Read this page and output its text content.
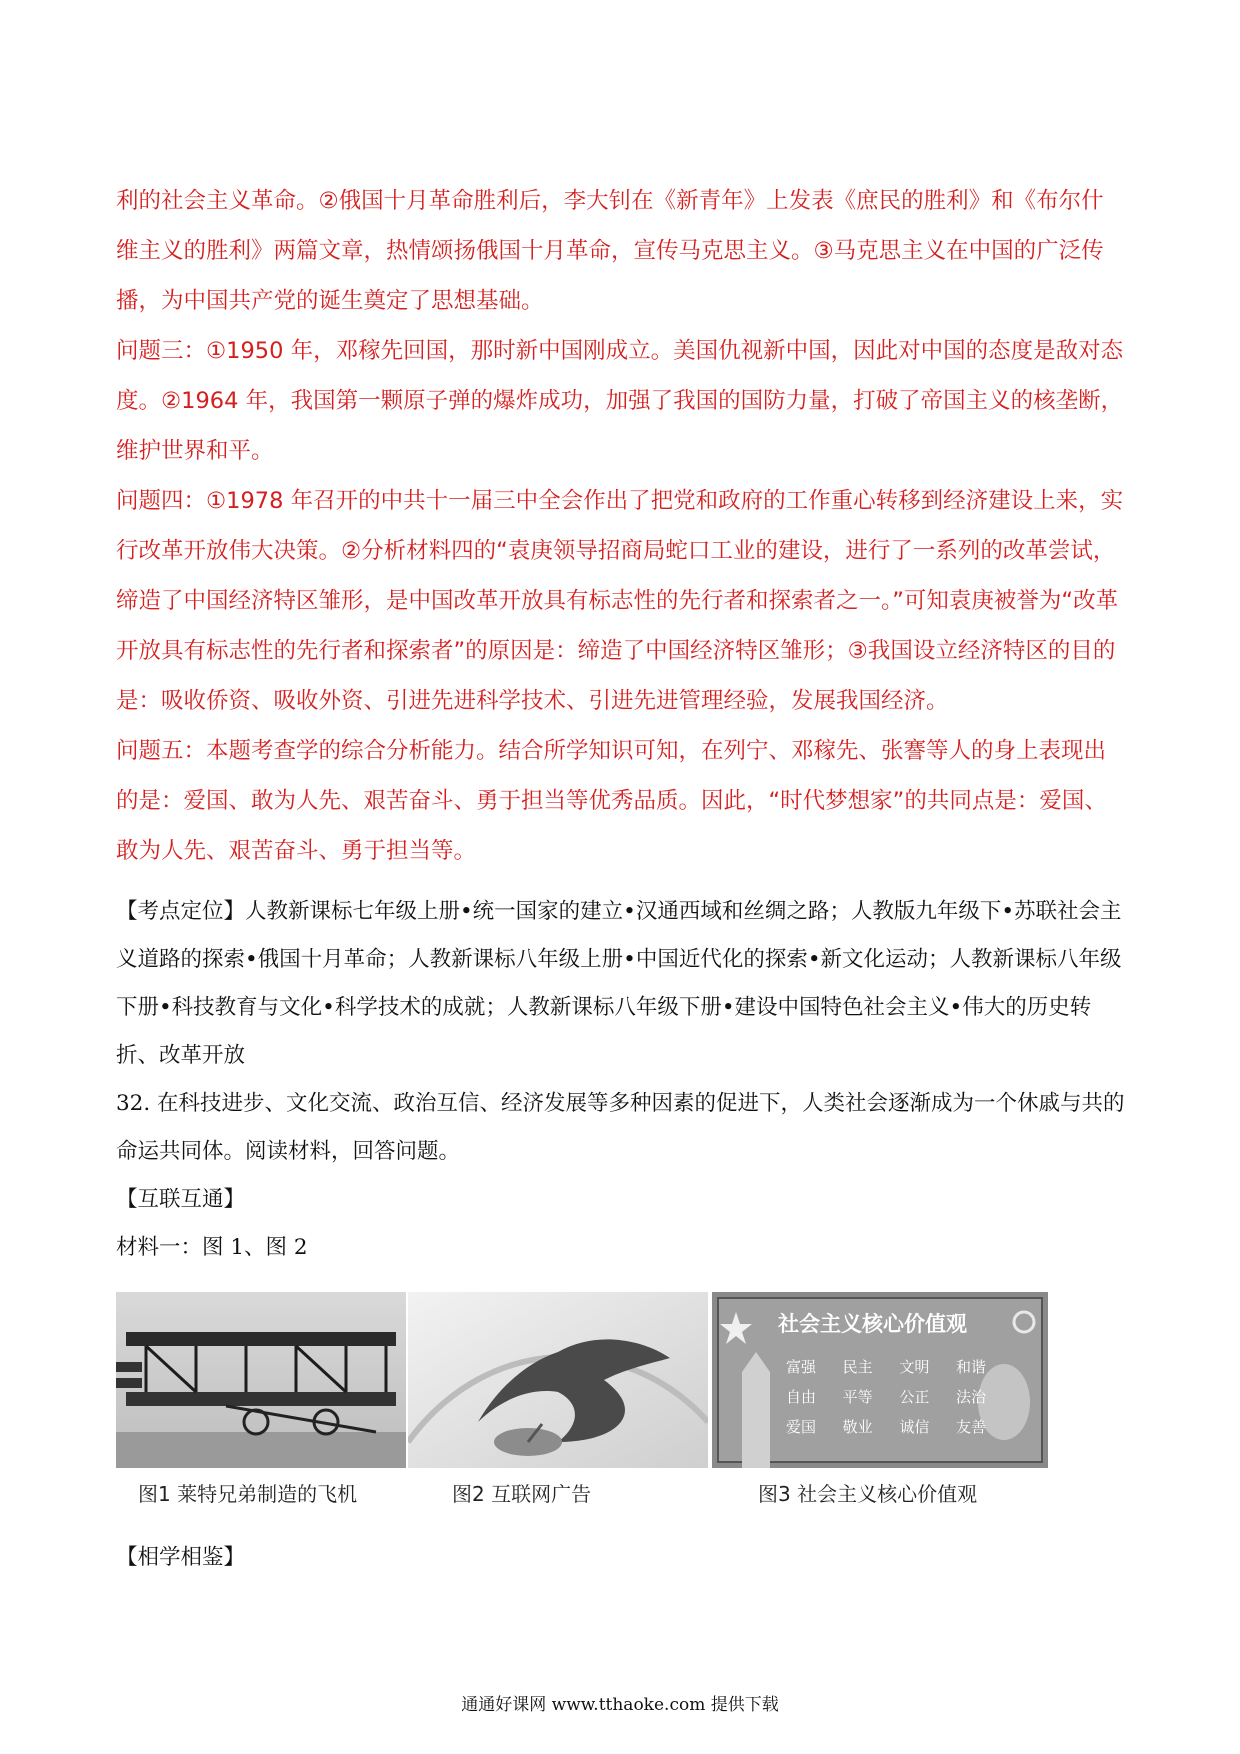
利的社会主义革命。②俄国十月革命胜利后，李大钊在《新青年》上发表《庶民的胜利》和《布尔什维主义的胜利》两篇文章，热情颂扬俄国十月革命，宣传马克思主义。③马克思主义在中国的广泛传播，为中国共产党的诞生奠定了思想基础。

问题三：①1950 年，邓稼先回国，那时新中国刚成立。美国仇视新中国，因此对中国的态度是敌对态度。②1964 年，我国第一颗原子弹的爆炸成功，加强了我国的国防力量，打破了帝国主义的核垄断，维护世界和平。

问题四：①1978 年召开的中共十一届三中全会作出了把党和政府的工作重心转移到经济建设上来，实行改革开放伟大决策。②分析材料四的“袁庚领导招商局蛇口工业的建设，进行了一系列的改革尝试，缔造了中国经济特区雏形，是中国改革开放具有标志性的先行者和探索者之一。”可知袁庚被誉为“改革开放具有标志性的先行者和探索者”的原因是：缔造了中国经济特区雏形；③我国设立经济特区的目的是：吸收侨资、吸收外资、引进先进科学技术、引进先进管理经验，发展我国经济。

问题五：本题考查学的综合分析能力。结合所学知识可知，在列宁、邓稼先、张謇等人的身上表现出的是：爱国、敢为人先、艰苦奋斗、勇于担当等优秀品质。因此，“时代梦想家”的共同点是：爱国、敢为人先、艰苦奋斗、勇于担当等。

【考点定位】人教新课标七年级上册•统一国家的建立•汉通西域和丝绸之路；人教版九年级下•苏联社会主义道路的探索•俄国十月革命；人教新课标八年级上册•中国近代化的探索•新文化运动；人教新课标八年级下册•科技教育与文化•科学技术的成就；人教新课标八年级下册•建设中国特色社会主义•伟大的历史转折、改革开放

32. 在科技进步、文化交流、政治互信、经济发展等多种因素的促进下，人类社会逐渐成为一个休戚与共的命运共同体。阅读材料，回答问题。

【互联互通】

材料一：图 1、图 2

图1 莱特兄弟制造的飞机	图2 互联网广告
社会主义核心价值观
富强 民主 文明 和谐
自由 平等 公正 法治
爱国 敬业 诚信 友善
图3 社会主义核心价值观

【相学相鉴】

通通好课网 www.tthaoke.com 提供下载
